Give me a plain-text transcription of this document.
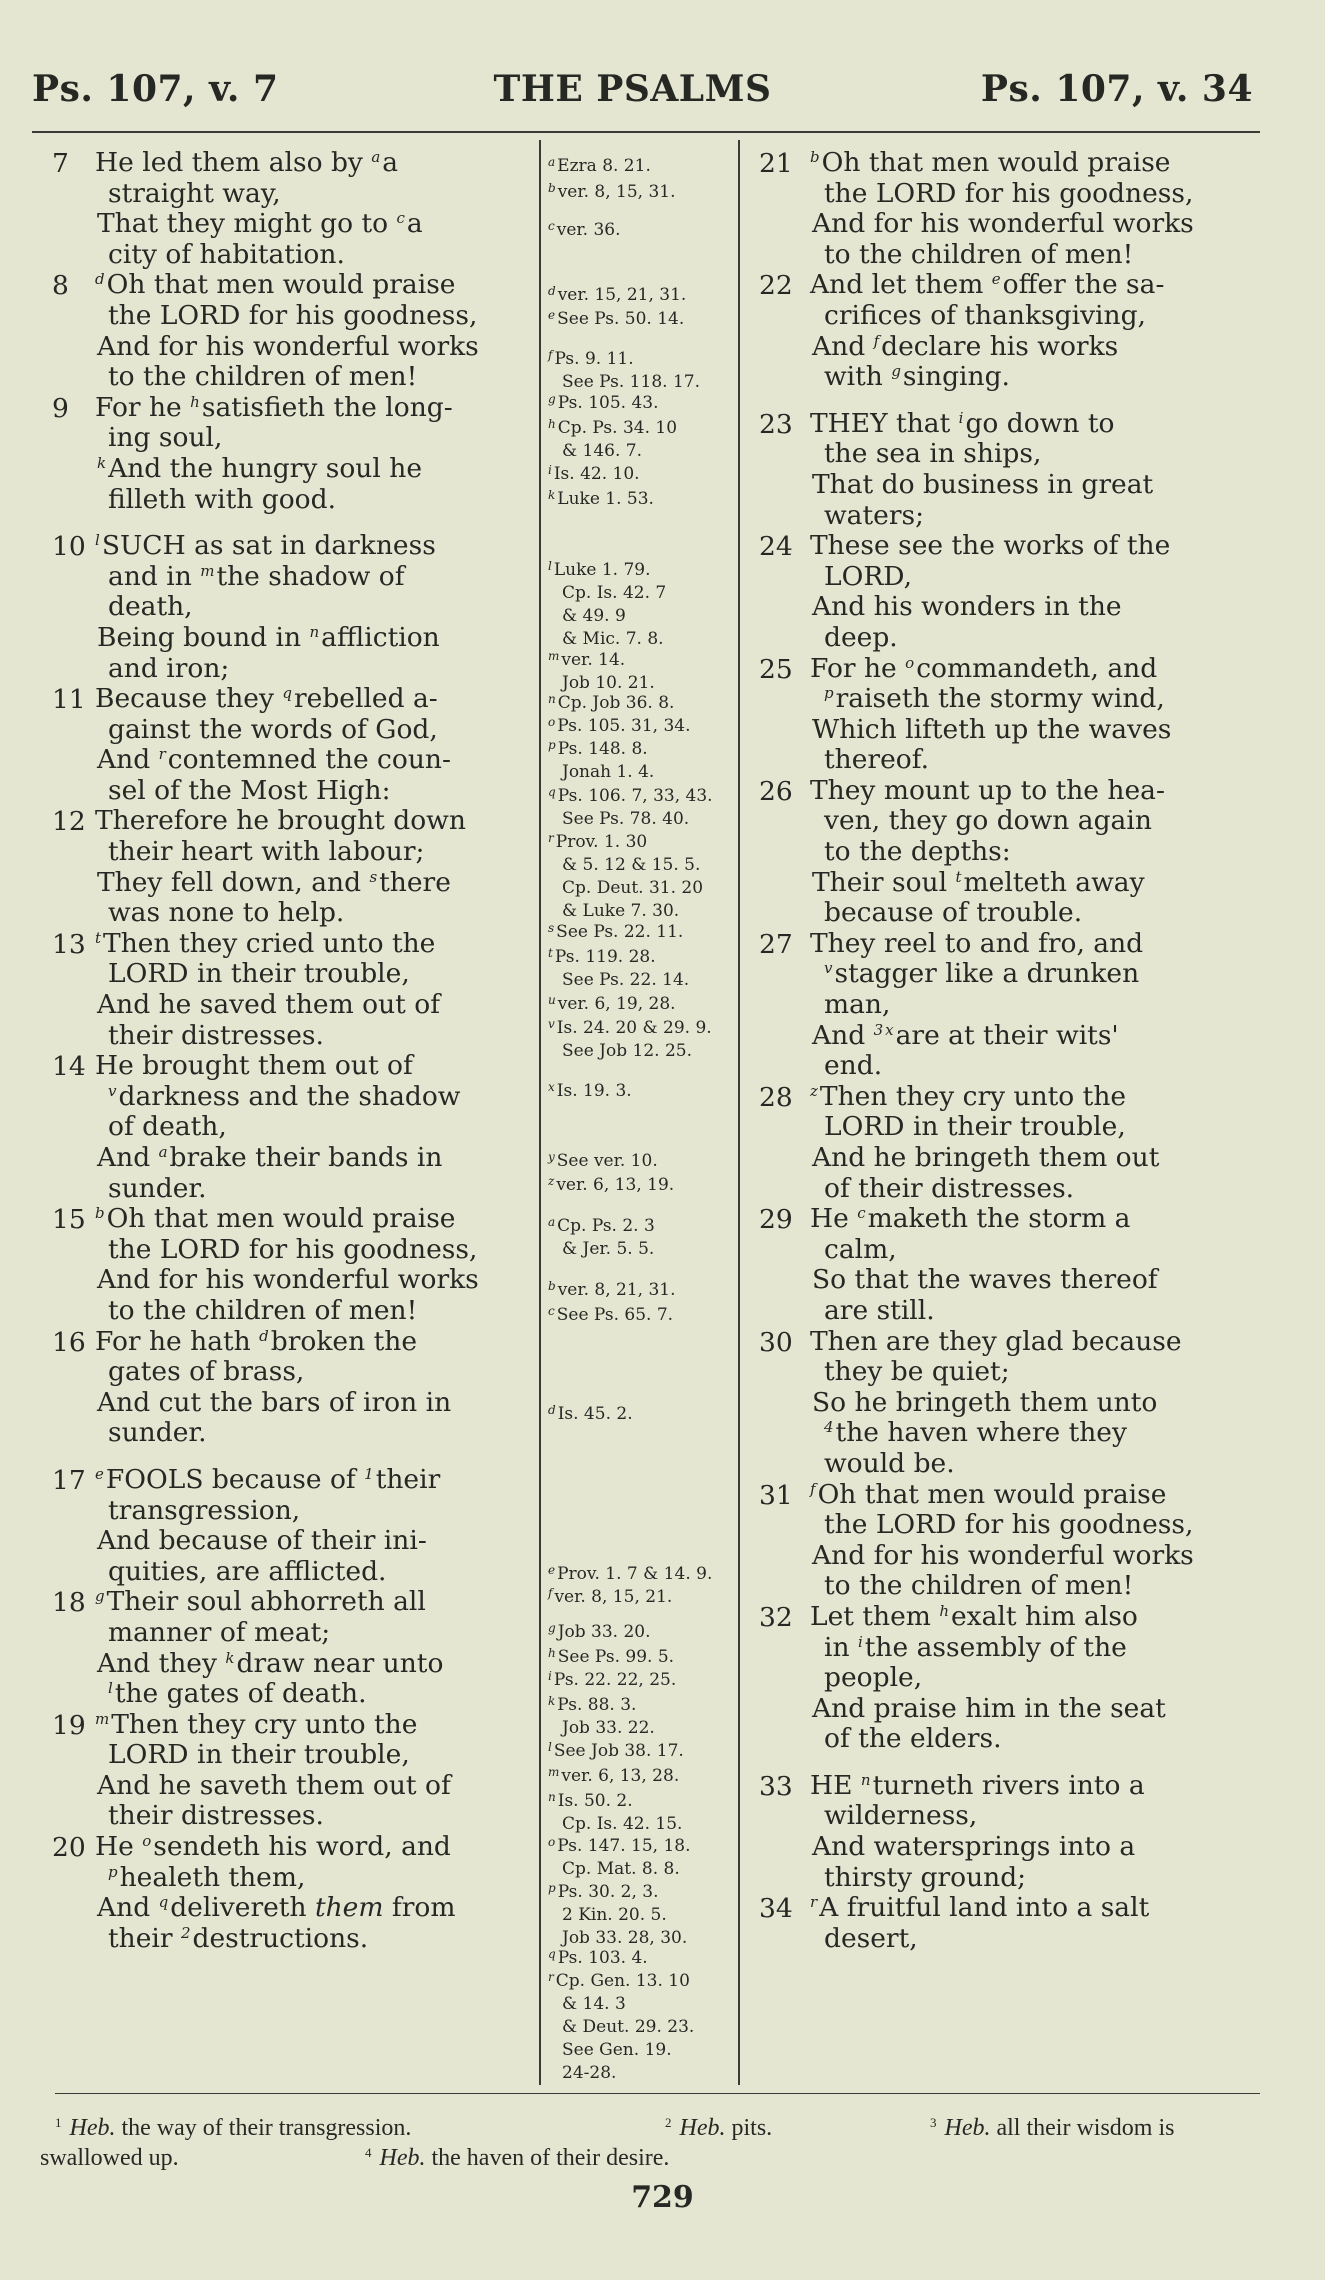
Ps. 107, v. 7	THE PSALMS	Ps. 107, v. 34
7 He led them also by $^a$a
straight way,
That they might go to $^c$a
city of habitation.
8	$^d$Oh that men would praise
the LORD for his goodness,
And for his wonderful works
to the children of men!
9 For he $^h$satisfieth the long-
ing soul,
$^k$And the hungry soul he
filleth with good.
10 $^l$SUCH as sat in darkness
and in $^m$the shadow of
death,
Being bound in $^n$affliction
and iron;
11 Because they $^q$rebelled a-
gainst the words of God,
And $^r$contemned the coun-
sel of the Most High:
12 Therefore he brought down
their heart with labour;
They fell down, and $^s$there
was none to help.
13 $^t$Then they cried unto the
LORD in their trouble,
And he saved them out of
their distresses.
14 He brought them out of
$^v$darkness and the shadow
of death,
And $^a$brake their bands in
sunder.
15 $^b$Oh that men would praise
the LORD for his goodness,
And for his wonderful works
to the children of men!
16 For he hath $^d$broken the
gates of brass,
And cut the bars of iron in
sunder.
17 $^e$FOOLS because of $^1$their
transgression,
And because of their ini-
quities, are afflicted.
18 $^g$Their soul abhorreth all
manner of meat;
And they $^k$draw near unto
$^l$the gates of death.
19 $^m$Then they cry unto the
LORD in their trouble,
And he saveth them out of
their distresses.
20 He $^o$sendeth his word, and
$^p$healeth them,
And $^q$delivereth them from
their $^2$destructions.
$^a$ Ezra 8. 21.
$^b$ ver. 8, 15, 31.
$^c$ ver. 36.
$^d$ ver. 15, 21, 31.
$^e$ See Ps. 50. 14.
$^f$ Ps. 9. 11.
See Ps. 118. 17.
$^g$ Ps. 105. 43.
$^h$ Cp. Ps. 34. 10
& 146. 7.
$^i$ Is. 42. 10.
$^k$ Luke 1. 53.
$^l$ Luke 1. 79.
Cp. Is. 42. 7
& 49. 9
& Mic. 7. 8.
$^m$ ver. 14.
Job 10. 21.
$^n$ Cp. Job 36. 8.
$^o$ Ps. 105. 31, 34.
$^p$ Ps. 148. 8.
Jonah 1. 4.
$^q$ Ps. 106. 7, 33, 43.
See Ps. 78. 40.
$^r$ Prov. 1. 30
& 5. 12 & 15. 5.
Cp. Deut. 31. 20
& Luke 7. 30.
$^s$ See Ps. 22. 11.
$^t$ Ps. 119. 28.
See Ps. 22. 14.
$^u$ ver. 6, 19, 28.
$^v$ Is. 24. 20 & 29. 9.
See Job 12. 25.
$^x$ Is. 19. 3.
$^y$ See ver. 10.
$^z$ ver. 6, 13, 19.
$^a$ Cp. Ps. 2. 3
& Jer. 5. 5.
$^b$ ver. 8, 21, 31.
$^c$ See Ps. 65. 7.
$^d$ Is. 45. 2.
$^e$ Prov. 1. 7 & 14. 9.
$^f$ ver. 8, 15, 21.
$^g$ Job 33. 20.
$^h$ See Ps. 99. 5.
$^i$ Ps. 22. 22, 25.
$^k$ Ps. 88. 3.
Job 33. 22.
$^l$ See Job 38. 17.
$^m$ ver. 6, 13, 28.
$^n$ Is. 50. 2.
Cp. Is. 42. 15.
$^o$ Ps. 147. 15, 18.
Cp. Mat. 8. 8.
$^p$ Ps. 30. 2, 3.
2 Kin. 20. 5.
Job 33. 28, 30.
$^q$ Ps. 103. 4.
$^r$ Cp. Gen. 13. 10
& 14. 3
& Deut. 29. 23.
See Gen. 19.
24-28.
21	$^b$Oh that men would praise
the LORD for his goodness,
And for his wonderful works
to the children of men!
22 And let them $^e$offer the sa-
crifices of thanksgiving,
And $^f$declare his works
with $^g$singing.
23 THEY that $^i$go down to
the sea in ships,
That do business in great
waters;
24 These see the works of the
LORD,
And his wonders in the
deep.
25 For he $^o$commandeth, and
$^p$raiseth the stormy wind,
Which lifteth up the waves
thereof.
26 They mount up to the hea-
ven, they go down again
to the depths:
Their soul $^t$melteth away
because of trouble.
27 They reel to and fro, and
$^v$stagger like a drunken
man,
And $^3$ $^x$are at their wits'
end.
28	$^z$Then they cry unto the
LORD in their trouble,
And he bringeth them out
of their distresses.
29 He $^c$maketh the storm a
calm,
So that the waves thereof
are still.
30 Then are they glad because
they be quiet;
So he bringeth them unto
$^4$the haven where they
would be.
31	$^f$Oh that men would praise
the LORD for his goodness,
And for his wonderful works
to the children of men!
32 Let them $^h$exalt him also
in $^i$the assembly of the
people,
And praise him in the seat
of the elders.
33 HE $^n$turneth rivers into a
wilderness,
And watersprings into a
thirsty ground;
34	$^r$A fruitful land into a salt
desert,
$^1$ Heb. the way of their transgression.	$^2$ Heb. pits.	$^3$ Heb. all their wisdom is
swallowed up.	$^4$ Heb. the haven of their desire.
729
